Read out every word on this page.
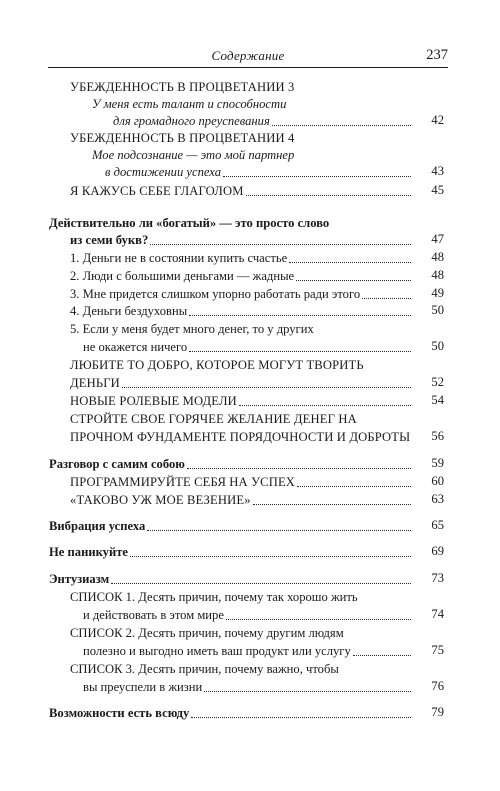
Содержание	237
УБЕЖДЕННОСТЬ В ПРОЦВЕТАНИИ 3
У меня есть талант и способности
для громадного преуспевания	42
УБЕЖДЕННОСТЬ В ПРОЦВЕТАНИИ 4
Мое подсознание — это мой партнер
в достижении успеха	43
Я КАЖУСЬ СЕБЕ ГЛАГОЛОМ	45
Действительно ли «богатый» — это просто слово
из семи букв?	47
1. Деньги не в состоянии купить счастье	48
2. Люди с большими деньгами — жадные	48
3. Мне придется слишком упорно работать ради этого	49
4. Деньги бездуховны	50
5. Если у меня будет много денег, то у других
не окажется ничего	50
ЛЮБИТЕ ТО ДОБРО, КОТОРОЕ МОГУТ ТВОРИТЬ
ДЕНЬГИ	52
НОВЫЕ РОЛЕВЫЕ МОДЕЛИ	54
СТРОЙТЕ СВОЕ ГОРЯЧЕЕ ЖЕЛАНИЕ ДЕНЕГ НА
ПРОЧНОМ ФУНДАМЕНТЕ ПОРЯДОЧНОСТИ И ДОБРОТЫ	56
Разговор с самим собою	59
ПРОГРАММИРУЙТЕ СЕБЯ НА УСПЕХ	60
«ТАКОВО УЖ МОЕ ВЕЗЕНИЕ»	63
Вибрация успеха	65
Не паникуйте	69
Энтузиазм	73
СПИСОК 1. Десять причин, почему так хорошо жить
и действовать в этом мире	74
СПИСОК 2. Десять причин, почему другим людям
полезно и выгодно иметь ваш продукт или услугу	75
СПИСОК 3. Десять причин, почему важно, чтобы
вы преуспели в жизни	76
Возможности есть всюду	79
